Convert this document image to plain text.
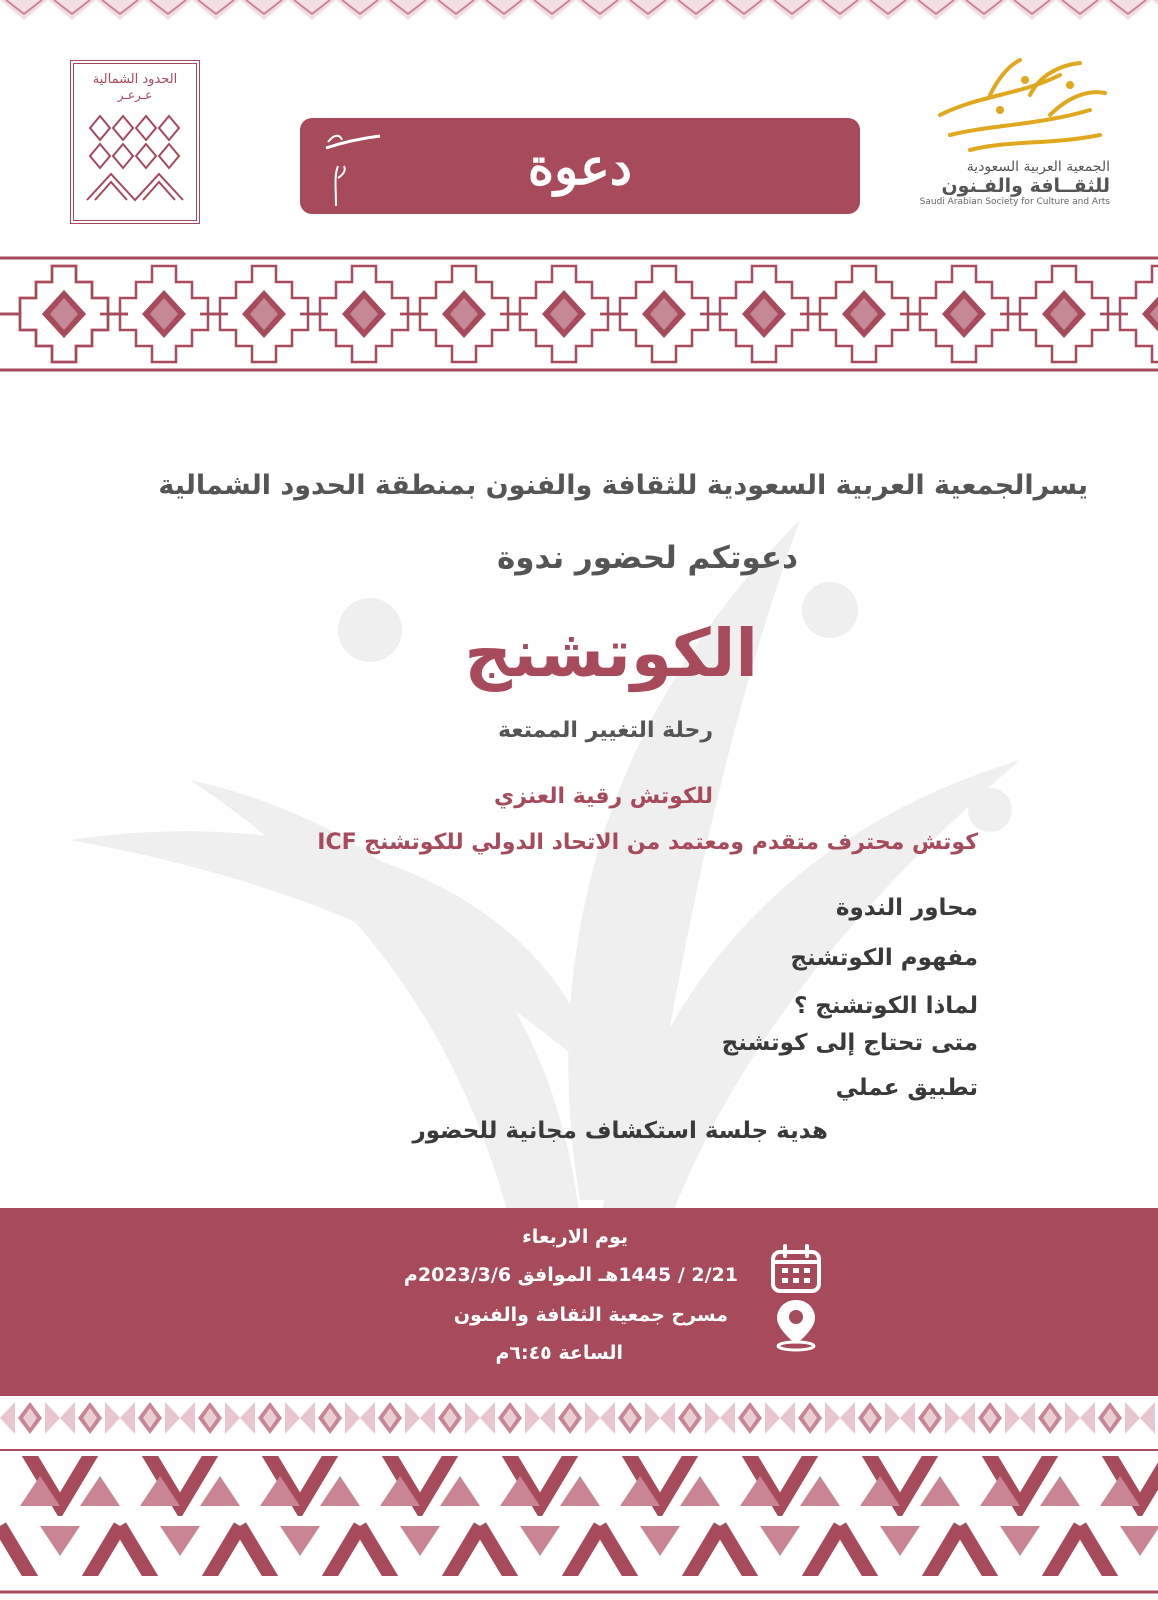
الحدود الشمالية
عـرعـر
دعوة	الجمعية العربية السعودية
للثقــافة والفـنون
Saudi Arabian Society for Culture and Arts
يسرالجمعية العربية السعودية للثقافة والفنون بمنطقة الحدود الشمالية
دعوتكم لحضور ندوة
الكوتشنج
رحلة التغيير الممتعة
للكوتش رقية العنزي
كوتش محترف متقدم ومعتمد من الاتحاد الدولي للكوتشنج ICF
محاور الندوة
مفهوم الكوتشنج
لماذا الكوتشنج ؟
متى تحتاج إلى كوتشنج
تطبيق عملي
هدية جلسة استكشاف مجانية للحضور
يوم الاربعاء
2/21 / 1445هـ الموافق 2023/3/6م
مسرح جمعية الثقافة والفنون
الساعة ٦:٤٥م
